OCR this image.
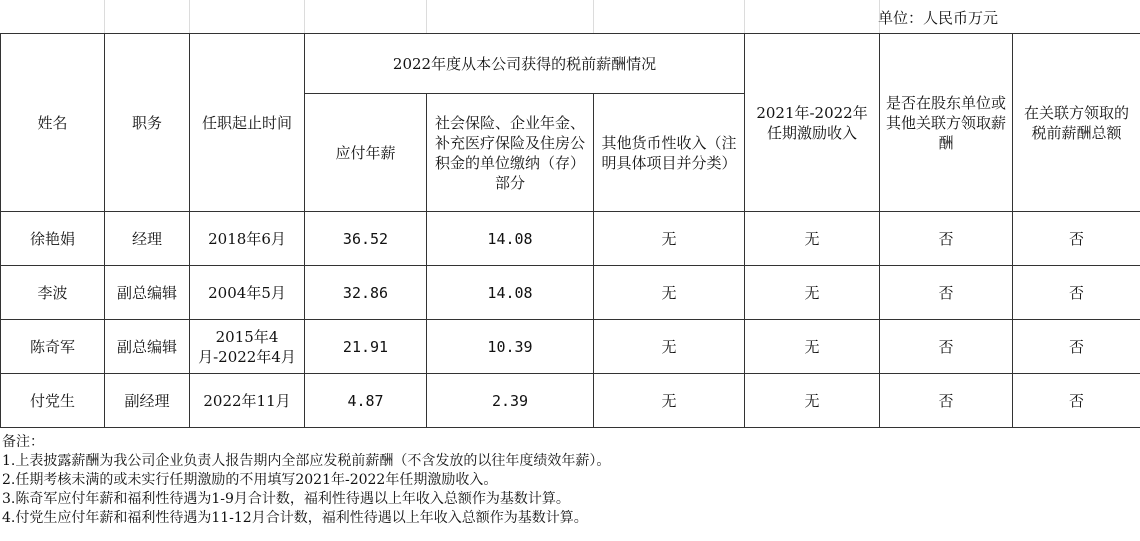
单位：人民币万元
姓名	职务	任职起止时间	2022年度从本公司获得的税前薪酬情况			2021年-2022年任期激励收入	是否在股东单位或其他关联方领取薪酬	在关联方领取的税前薪酬总额
			应付年薪	社会保险、企业年金、补充医疗保险及住房公积金的单位缴纳（存）部分	其他货币性收入（注明具体项目并分类）			
徐艳娟	经理	2018年6月	36.52	14.08	无	无	否	否
李波	副总编辑	2004年5月	32.86	14.08	无	无	否	否
陈奇军	副总编辑	2015年4月-2022年4月	21.91	10.39	无	无	否	否
付党生	副经理	2022年11月	4.87	2.39	无	无	否	否
备注：
1.上表披露薪酬为我公司企业负责人报告期内全部应发税前薪酬（不含发放的以往年度绩效年薪）。
2.任期考核未满的或未实行任期激励的不用填写2021年-2022年任期激励收入。
3.陈奇军应付年薪和福利性待遇为1-9月合计数，福利性待遇以上年收入总额作为基数计算。
4.付党生应付年薪和福利性待遇为11-12月合计数，福利性待遇以上年收入总额作为基数计算。
